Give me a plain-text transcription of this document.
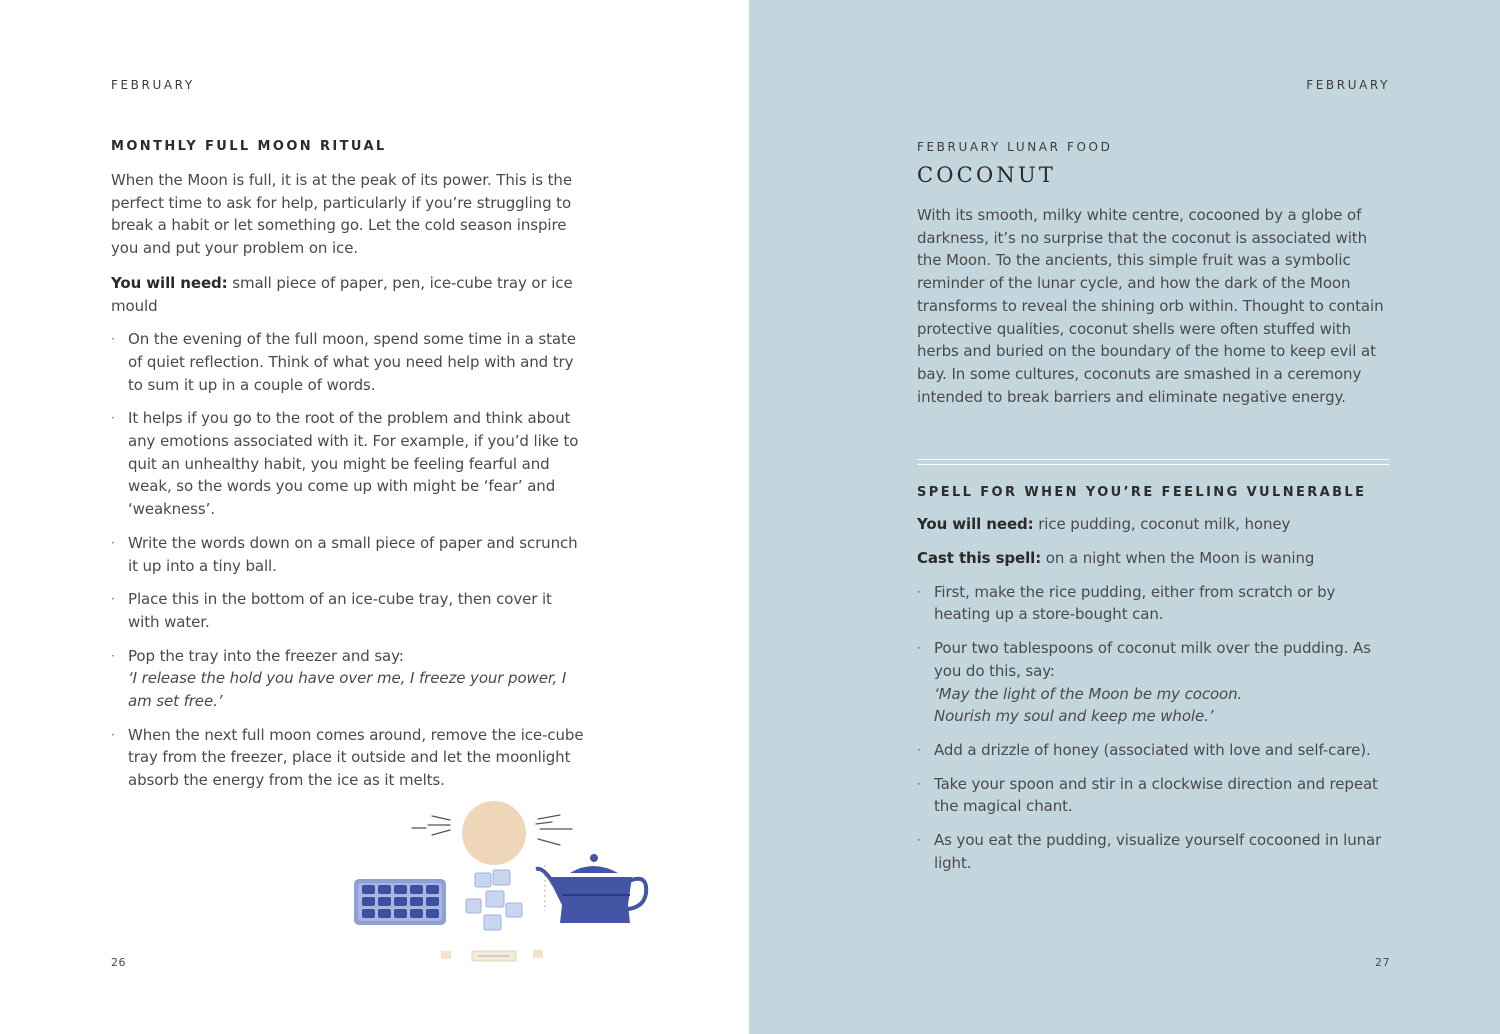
FEBRUARY
MONTHLY FULL MOON RITUAL

When the Moon is full, it is at the peak of its power. This is the perfect time to ask for help, particularly if you’re struggling to break a habit or let something go. Let the cold season inspire you and put your problem on ice.

You will need: small piece of paper, pen, ice-cube tray or ice mould

· On the evening of the full moon, spend some time in a state of quiet reflection. Think of what you need help with and try to sum it up in a couple of words.
· It helps if you go to the root of the problem and think about any emotions associated with it. For example, if you’d like to quit an unhealthy habit, you might be feeling fearful and weak, so the words you come up with might be ‘fear’ and ‘weakness’.
· Write the words down on a small piece of paper and scrunch it up into a tiny ball.
· Place this in the bottom of an ice-cube tray, then cover it with water.
· Pop the tray into the freezer and say:
‘I release the hold you have over me, I freeze your power, I am set free.’
· When the next full moon comes around, remove the ice-cube tray from the freezer, place it outside and let the moonlight absorb the energy from the ice as it melts.
26
FEBRUARY

FEBRUARY LUNAR FOOD

COCONUT

With its smooth, milky white centre, cocooned by a globe of darkness, it’s no surprise that the coconut is associated with the Moon. To the ancients, this simple fruit was a symbolic reminder of the lunar cycle, and how the dark of the Moon transforms to reveal the shining orb within. Thought to contain protective qualities, coconut shells were often stuffed with herbs and buried on the boundary of the home to keep evil at bay. In some cultures, coconuts are smashed in a ceremony intended to break barriers and eliminate negative energy.

SPELL FOR WHEN YOU’RE FEELING VULNERABLE

You will need: rice pudding, coconut milk, honey

Cast this spell: on a night when the Moon is waning

· First, make the rice pudding, either from scratch or by heating up a store-bought can.
· Pour two tablespoons of coconut milk over the pudding. As you do this, say:
‘May the light of the Moon be my cocoon.
Nourish my soul and keep me whole.’
· Add a drizzle of honey (associated with love and self-care).
· Take your spoon and stir in a clockwise direction and repeat the magical chant.
· As you eat the pudding, visualize yourself cocooned in lunar light.
27
